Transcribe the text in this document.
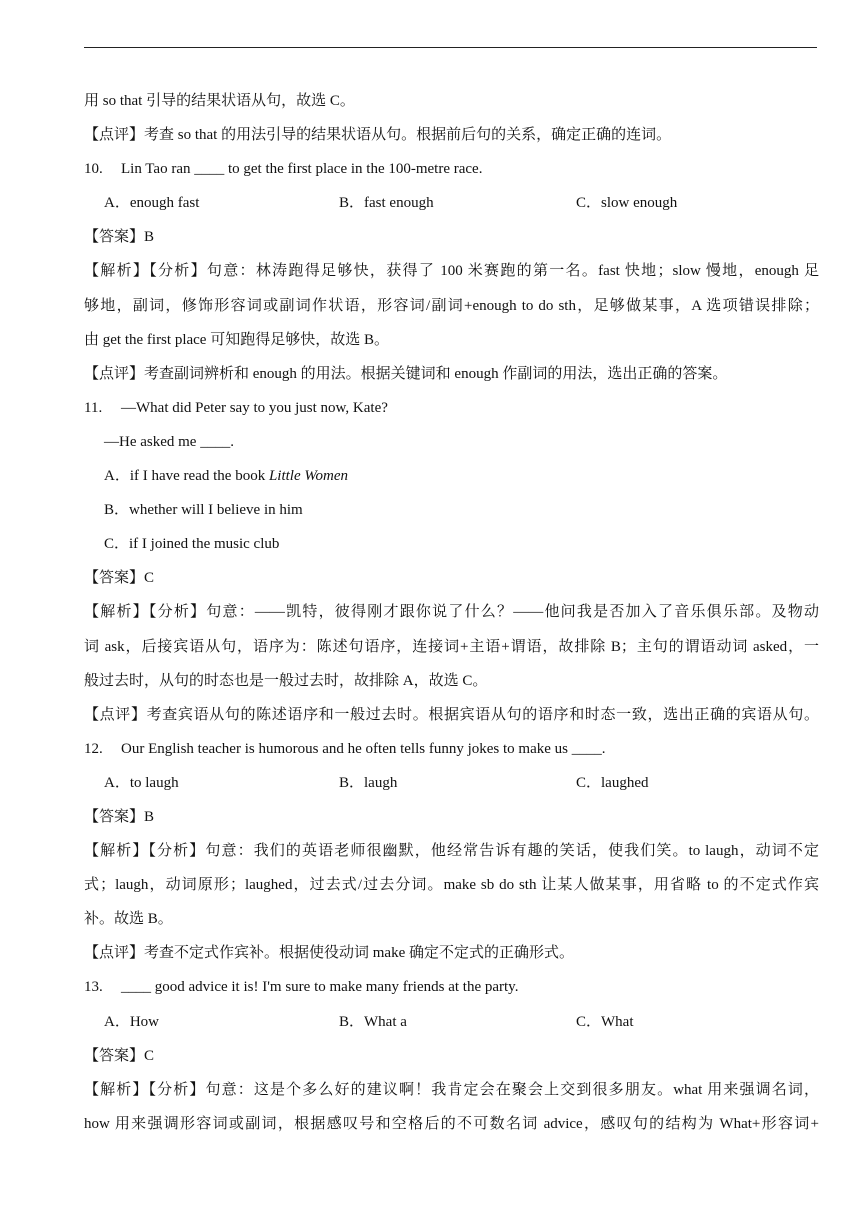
用 so that 引导的结果状语从句，故选 C。
【点评】考查 so that 的用法引导的结果状语从句。根据前后句的关系，确定正确的连词。
10. Lin Tao ran ____ to get the first place in the 100-metre race.
A．enough fast	B．fast enough	C．slow enough
【答案】B
【解析】【分析】句意：林涛跑得足够快，获得了 100 米赛跑的第一名。fast 快地；slow 慢地，enough 足
够地，副词，修饰形容词或副词作状语，形容词/副词+enough to do sth，足够做某事，A 选项错误排除；
由 get the first place 可知跑得足够快，故选 B。
【点评】考查副词辨析和 enough 的用法。根据关键词和 enough 作副词的用法，选出正确的答案。
11. —What did Peter say to you just now, Kate?
—He asked me ____.
A．if I have read the book Little Women
B．whether will I believe in him
C．if I joined the music club
【答案】C
【解析】【分析】句意：——凯特，彼得刚才跟你说了什么？——他问我是否加入了音乐俱乐部。及物动
词 ask，后接宾语从句，语序为：陈述句语序，连接词+主语+谓语，故排除 B；主句的谓语动词 asked，一
般过去时，从句的时态也是一般过去时，故排除 A，故选 C。
【点评】考查宾语从句的陈述语序和一般过去时。根据宾语从句的语序和时态一致，选出正确的宾语从句。
12. Our English teacher is humorous and he often tells funny jokes to make us ____.
A．to laugh	B．laugh	C．laughed
【答案】B
【解析】【分析】句意：我们的英语老师很幽默，他经常告诉有趣的笑话，使我们笑。to laugh，动词不定
式；laugh，动词原形；laughed，过去式/过去分词。make sb do sth 让某人做某事，用省略 to 的不定式作宾
补。故选 B。
【点评】考查不定式作宾补。根据使役动词 make 确定不定式的正确形式。
13. ____ good advice it is! I'm sure to make many friends at the party.
A．How	B．What a	C．What
【答案】C
【解析】【分析】句意：这是个多么好的建议啊！我肯定会在聚会上交到很多朋友。what 用来强调名词，
how 用来强调形容词或副词，根据感叹号和空格后的不可数名词 advice，感叹句的结构为 What+形容词+
